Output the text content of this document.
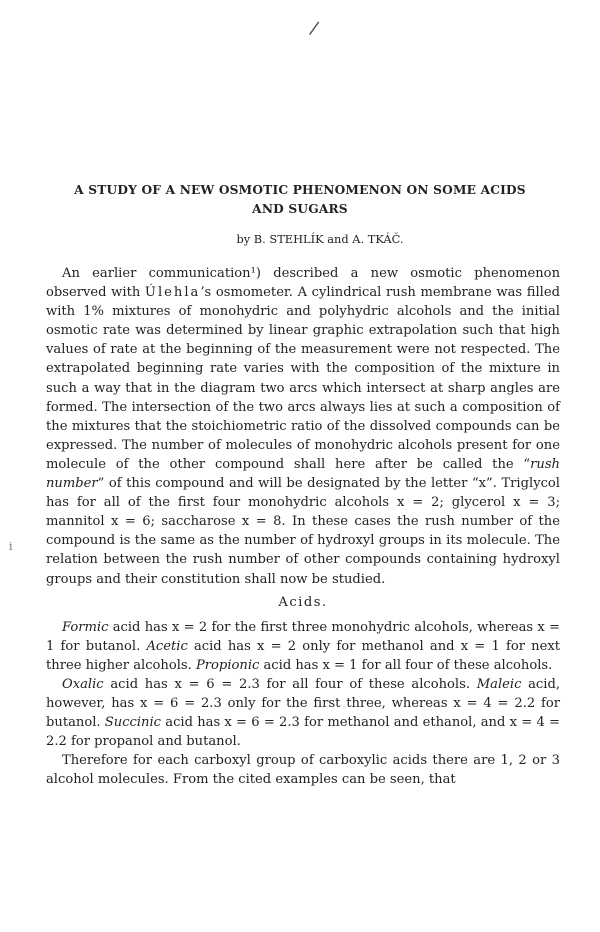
/
A STUDY OF A NEW OSMOTIC PHENOMENON ON SOME ACIDS
AND SUGARS
by B. STEHLÍK and A. TKÁČ.
i

An earlier communication¹) described a new osmotic phenomenon observed with Úlehla’s osmometer. A cylindrical rush membrane was filled with 1% mixtures of monohydric and polyhydric alcohols and the initial osmotic rate was determined by linear graphic extrapolation such that high values of rate at the beginning of the measurement were not respected. The extrapolated beginning rate varies with the composition of the mixture in such a way that in the diagram two arcs which intersect at sharp angles are formed. The intersection of the two arcs always lies at such a composition of the mixtures that the stoichiometric ratio of the dissolved compounds can be expressed. The number of molecules of monohydric alcohols present for one molecule of the other compound shall here after be called the “rush number” of this compound and will be designated by the letter “x”. Triglycol has for all of the first four monohydric alcohols x = 2; glycerol x = 3; mannitol x = 6; saccharose x = 8. In these cases the rush number of the compound is the same as the number of hydroxyl groups in its molecule. The relation between the rush number of other compounds containing hydroxyl groups and their constitution shall now be studied.

Acids.

Formic acid has x = 2 for the first three monohydric alcohols, whereas x = 1 for butanol. Acetic acid has x = 2 only for methanol and x = 1 for next three higher alcohols. Propionic acid has x = 1 for all four of these alcohols.

Oxalic acid has x = 6 = 2.3 for all four of these alcohols. Maleic acid, however, has x = 6 = 2.3 only for the first three, whereas x = 4 = 2.2 for butanol. Succinic acid has x = 6 = 2.3 for methanol and ethanol, and x = 4 = 2.2 for propanol and butanol.

Therefore for each carboxyl group of carboxylic acids there are 1, 2 or 3 alcohol molecules. From the cited examples can be seen, that
